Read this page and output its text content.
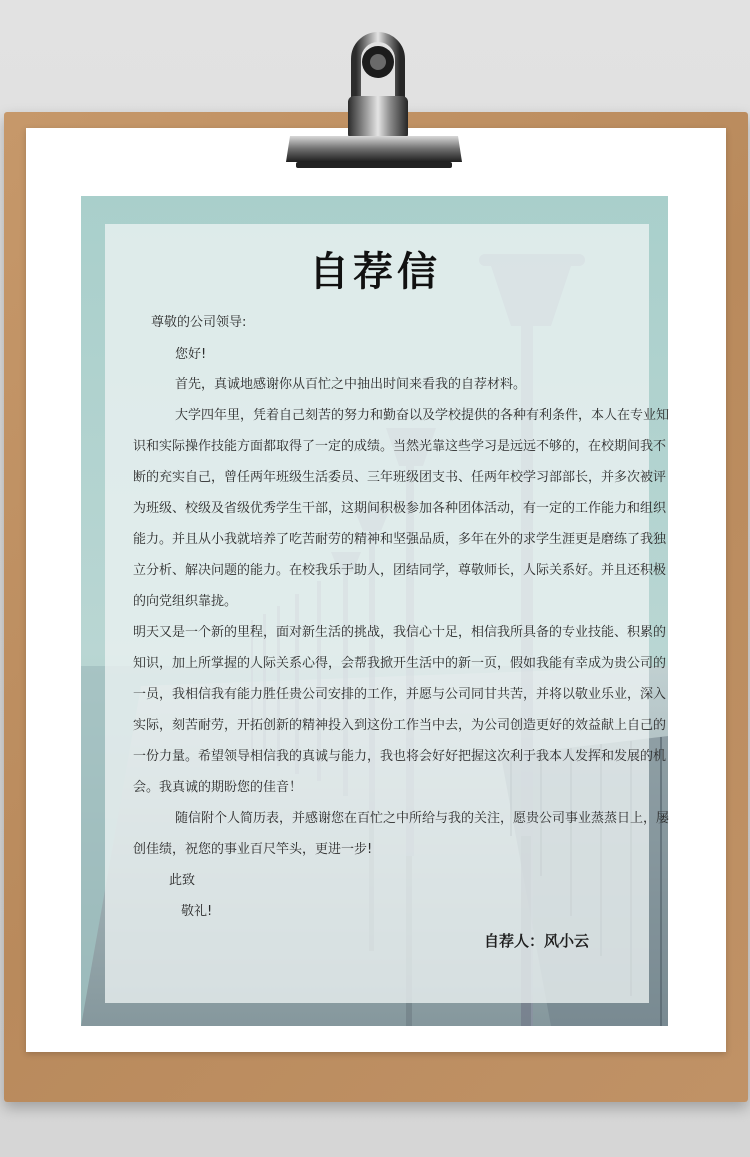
自荐信
尊敬的公司领导:
您好!
首先，真诚地感谢你从百忙之中抽出时间来看我的自荐材料。
大学四年里，凭着自己刻苦的努力和勤奋以及学校提供的各种有利条件，本人在专业知
识和实际操作技能方面都取得了一定的成绩。当然光靠这些学习是远远不够的，在校期间我不
断的充实自己，曾任两年班级生活委员、三年班级团支书、任两年校学习部部长，并多次被评
为班级、校级及省级优秀学生干部，这期间积极参加各种团体活动，有一定的工作能力和组织
能力。并且从小我就培养了吃苦耐劳的精神和坚强品质，多年在外的求学生涯更是磨练了我独
立分析、解决问题的能力。在校我乐于助人，团结同学，尊敬师长，人际关系好。并且还积极
的向党组织靠拢。
明天又是一个新的里程，面对新生活的挑战，我信心十足，相信我所具备的专业技能、积累的
知识，加上所掌握的人际关系心得，会帮我掀开生活中的新一页，假如我能有幸成为贵公司的
一员，我相信我有能力胜任贵公司安排的工作，并愿与公司同甘共苦，并将以敬业乐业，深入
实际，刻苦耐劳，开拓创新的精神投入到这份工作当中去，为公司创造更好的效益献上自己的
一份力量。希望领导相信我的真诚与能力，我也将会好好把握这次利于我本人发挥和发展的机
会。我真诚的期盼您的佳音！
随信附个人简历表，并感谢您在百忙之中所给与我的关注，愿贵公司事业蒸蒸日上，屡
创佳绩，祝您的事业百尺竿头，更进一步!
此致
敬礼!
自荐人：风小云
